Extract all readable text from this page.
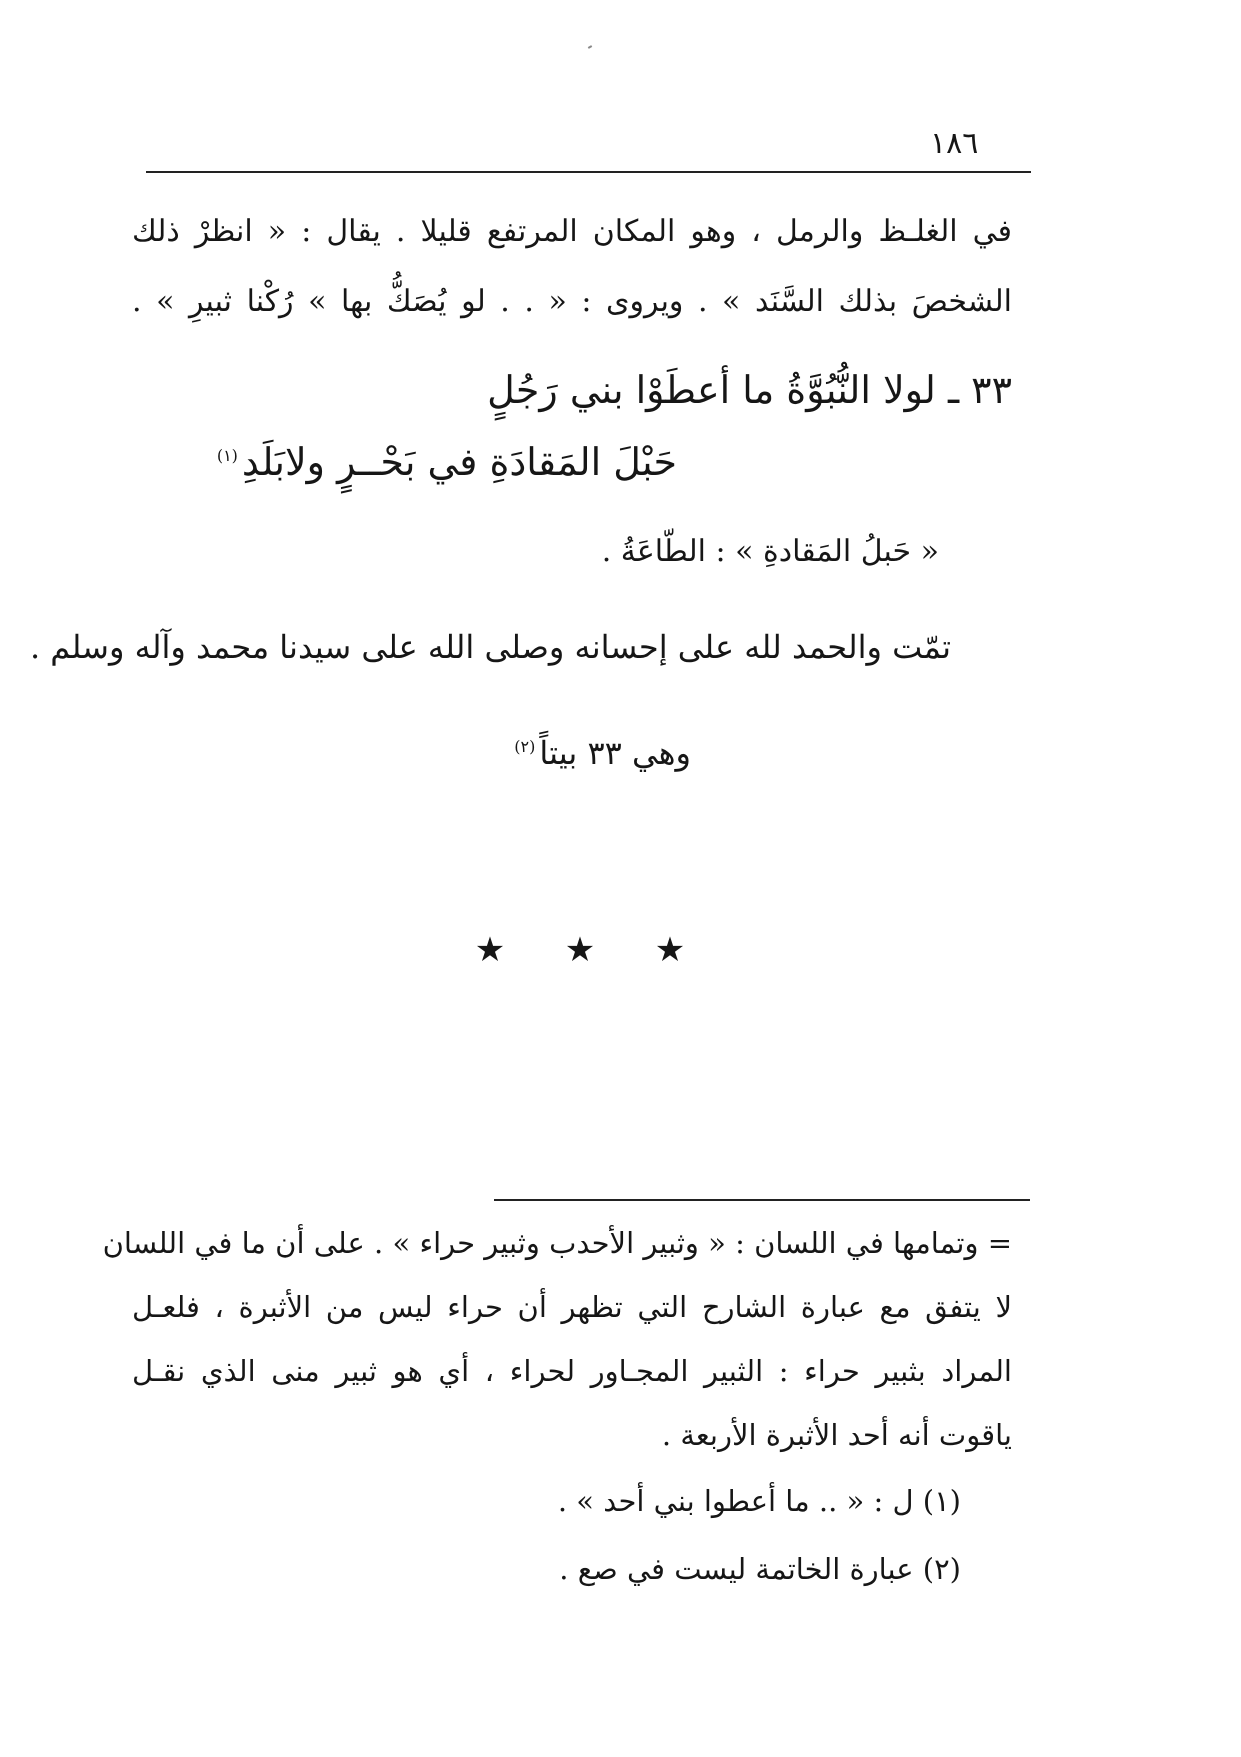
١٨٦
في الغلـظ والرمل ، وهو المكان المرتفع قليلا . يقال : « انظرْ ذلك
الشخصَ بذلك السَّنَد » . ويروى : « . . لو يُصَكُّ بها » رُكْنا ثبيرِ » .
٣٣ ـ لولا النُّبُوَّةُ ما أعطَوْا بني رَجُلٍ
حَبْلَ المَقادَةِ في بَحْــرٍ ولابَلَدِ$^{(١)}$
« حَبلُ المَقادةِ » : الطّاعَةُ .
تمّت والحمد لله على إحسانه وصلى الله على سيدنا محمد وآله وسلم .
وهي ٣٣ بيتاً$^{(٢)}$
★ ★ ★
= وتمامها في اللسان : « وثبير الأحدب وثبير حراء » . على أن ما في اللسان
لا يتفق مع عبارة الشارح التي تظهر أن حراء ليس من الأثبرة ، فلعـل
المراد بثبير حراء : الثبير المجـاور لحراء ، أي هو ثبير منى الذي نقـل
ياقوت أنه أحد الأثبرة الأربعة .
(١) ل : « .. ما أعطوا بني أحد » .
(٢) عبارة الخاتمة ليست في صع .
